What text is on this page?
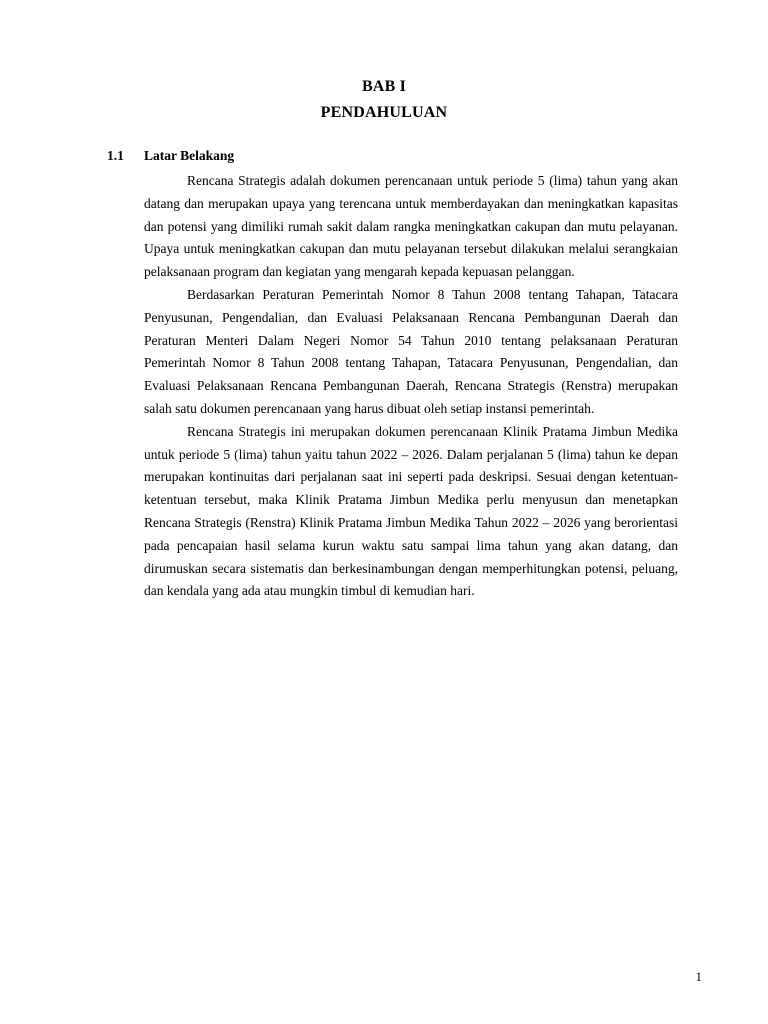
BAB I
PENDAHULUAN
1.1 Latar Belakang

Rencana Strategis adalah dokumen perencanaan untuk periode 5 (lima) tahun yang akan datang dan merupakan upaya yang terencana untuk memberdayakan dan meningkatkan kapasitas dan potensi yang dimiliki rumah sakit dalam rangka meningkatkan cakupan dan mutu pelayanan. Upaya untuk meningkatkan cakupan dan mutu pelayanan tersebut dilakukan melalui serangkaian pelaksanaan program dan kegiatan yang mengarah kepada kepuasan pelanggan.

Berdasarkan Peraturan Pemerintah Nomor 8 Tahun 2008 tentang Tahapan, Tatacara Penyusunan, Pengendalian, dan Evaluasi Pelaksanaan Rencana Pembangunan Daerah dan Peraturan Menteri Dalam Negeri Nomor 54 Tahun 2010 tentang pelaksanaan Peraturan Pemerintah Nomor 8 Tahun 2008 tentang Tahapan, Tatacara Penyusunan, Pengendalian, dan Evaluasi Pelaksanaan Rencana Pembangunan Daerah, Rencana Strategis (Renstra) merupakan salah satu dokumen perencanaan yang harus dibuat oleh setiap instansi pemerintah.

Rencana Strategis ini merupakan dokumen perencanaan Klinik Pratama Jimbun Medika untuk periode 5 (lima) tahun yaitu tahun 2022 – 2026. Dalam perjalanan 5 (lima) tahun ke depan merupakan kontinuitas dari perjalanan saat ini seperti pada deskripsi. Sesuai dengan ketentuan-ketentuan tersebut, maka Klinik Pratama Jimbun Medika perlu menyusun dan menetapkan Rencana Strategis (Renstra) Klinik Pratama Jimbun Medika Tahun 2022 – 2026 yang berorientasi pada pencapaian hasil selama kurun waktu satu sampai lima tahun yang akan datang, dan dirumuskan secara sistematis dan berkesinambungan dengan memperhitungkan potensi, peluang, dan kendala yang ada atau mungkin timbul di kemudian hari.

1
